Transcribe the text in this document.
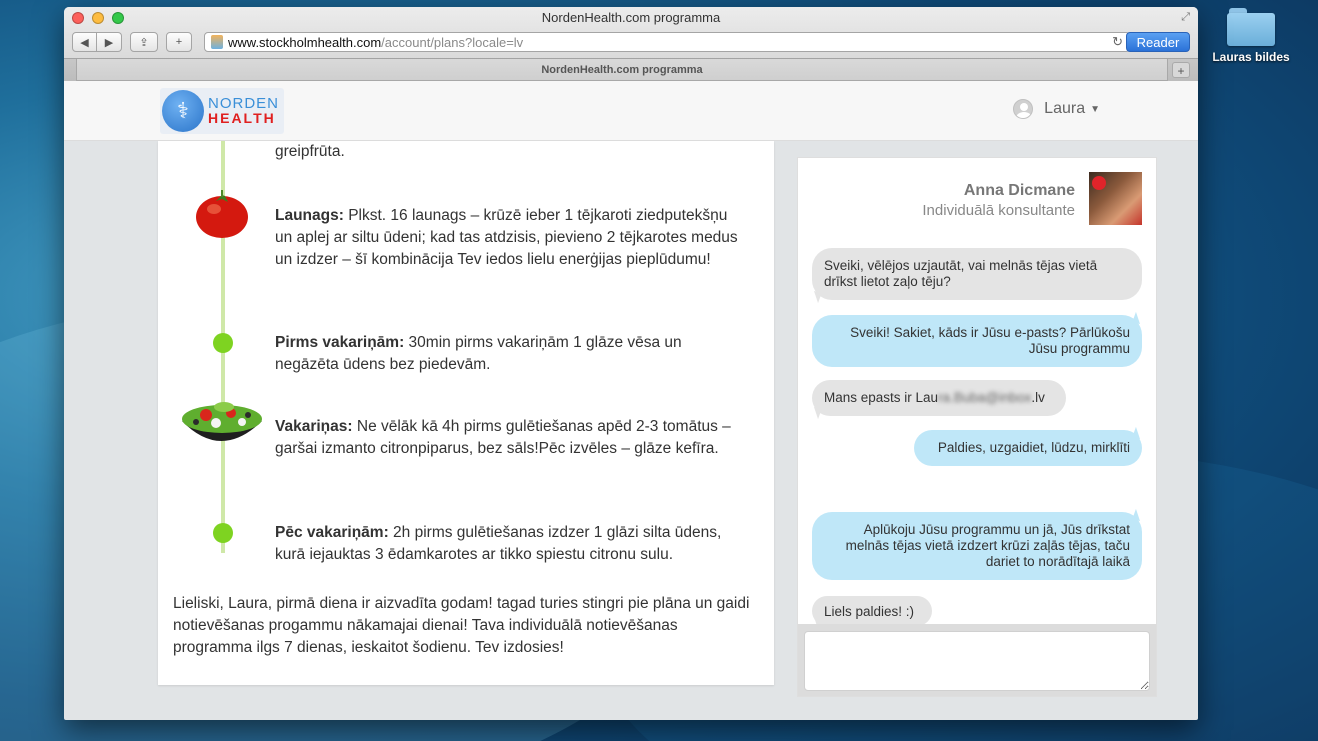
Lauras bildes
NordenHealth.com programma	⤢
◀	▶	⇪	+	www.stockholmhealth.com /account/plans?locale=lv	↻	Reader
NordenHealth.com programma	+
⚕	NORDEN
HEALTH
Laura ▼
greipfrūta.
Launags: Plkst. 16 launags – krūzē ieber 1 tējkaroti ziedputekšņu un aplej ar siltu ūdeni; kad tas atdzisis, pievieno 2 tējkarotes medus un izdzer – šī kombinācija Tev iedos lielu enerģijas pieplūdumu!
Pirms vakariņām: 30min pirms vakariņām 1 glāze vēsa un negāzēta ūdens bez piedevām.
Vakariņas: Ne vēlāk kā 4h pirms gulētiešanas apēd 2-3 tomātus – garšai izmanto citronpiparus, bez sāls!Pēc izvēles – glāze kefīra.
Pēc vakariņām: 2h pirms gulētiešanas izdzer 1 glāzi silta ūdens, kurā iejauktas 3 ēdamkarotes ar tikko spiestu citronu sulu.
Lieliski, Laura, pirmā diena ir aizvadīta godam! tagad turies stingri pie plāna un gaidi notievēšanas progammu nākamajai dienai! Tava individuālā notievēšanas programma ilgs 7 dienas, ieskaitot šodienu. Tev izdosies!
Anna Dicmane
Individuālā konsultante
Sveiki, vēlējos uzjautāt, vai melnās tējas vietā drīkst lietot zaļo tēju?
Sveiki! Sakiet, kāds ir Jūsu e-pasts? Pārlūkošu Jūsu programmu
Mans epasts ir Laura.Buba@inbox.lv
Paldies, uzgaidiet, lūdzu, mirklīti
Aplūkoju Jūsu programmu un jā, Jūs drīkstat melnās tējas vietā izdzert krūzi zaļās tējas, taču dariet to norādītajā laikā
Liels paldies! :)
